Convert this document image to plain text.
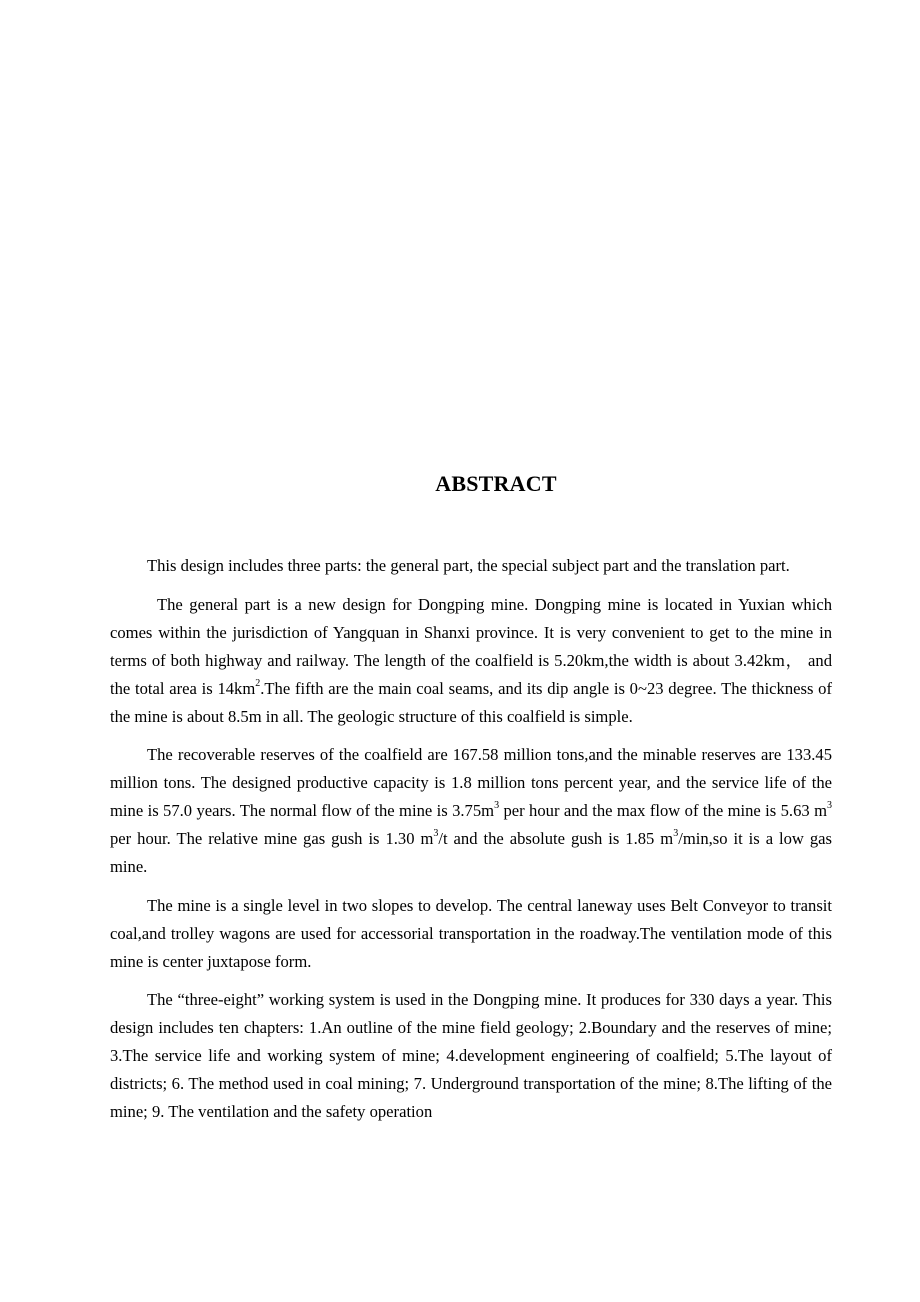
ABSTRACT

This design includes three parts: the general part, the special subject part and the translation part.

The general part is a new design for Dongping mine. Dongping mine is located in Yuxian which comes within the jurisdiction of Yangquan in Shanxi province. It is very convenient to get to the mine in terms of both highway and railway. The length of the coalfield is 5.20km,the width is about 3.42km， and the total area is $14km^2.The$ fifth are the main coal seams, and its dip angle is 0~23 degree. The thickness of the mine is about 8.5m in all. The geologic structure of this coalfield is simple.

The recoverable reserves of the coalfield are 167.58 million tons,and the minable reserves are 133.45 million tons. The designed productive capacity is 1.8 million tons percent year, and the service life of the mine is 57.0 years. The normal flow of the mine is $3.75m^3$ per hour and the max flow of the mine is 5.63 $m^3$ per hour. The relative mine gas gush is 1.30 $m^3/t$ and the absolute gush is 1.85 $m^3/\min,so$ it is a low gas mine.

The mine is a single level in two slopes to develop. The central laneway uses Belt Conveyor to transit coal,and trolley wagons are used for accessorial transportation in the roadway.The ventilation mode of this mine is center juxtapose form.

The “three-eight” working system is used in the Dongping mine. It produces for 330 days a year. This design includes ten chapters: 1.An outline of the mine field geology; 2.Boundary and the reserves of mine; 3.The service life and working system of mine; 4.development engineering of coalfield; 5.The layout of districts; 6. The method used in coal mining; 7. Underground transportation of the mine; 8.The lifting of the mine; 9. The ventilation and the safety operation
